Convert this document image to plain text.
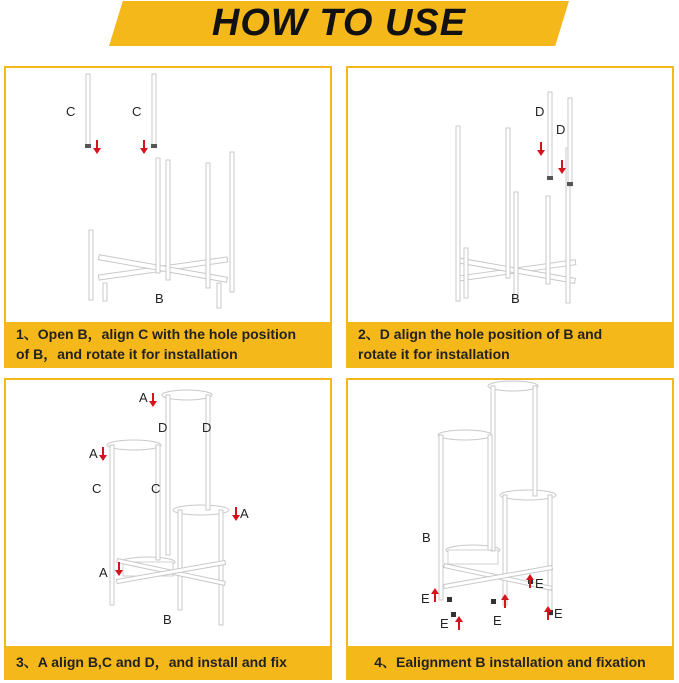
HOW TO USE
C	C
B
1、Open B，align C with the hole position
of B，and rotate it for installation
D
D
B
2、D align the hole position of B and
rotate it for installation
A
A
A
A
D	D
C	C
B
3、A align B,C and D，and install and fix
B
E
E	E
E
E
4、Ealignment B installation and fixation
